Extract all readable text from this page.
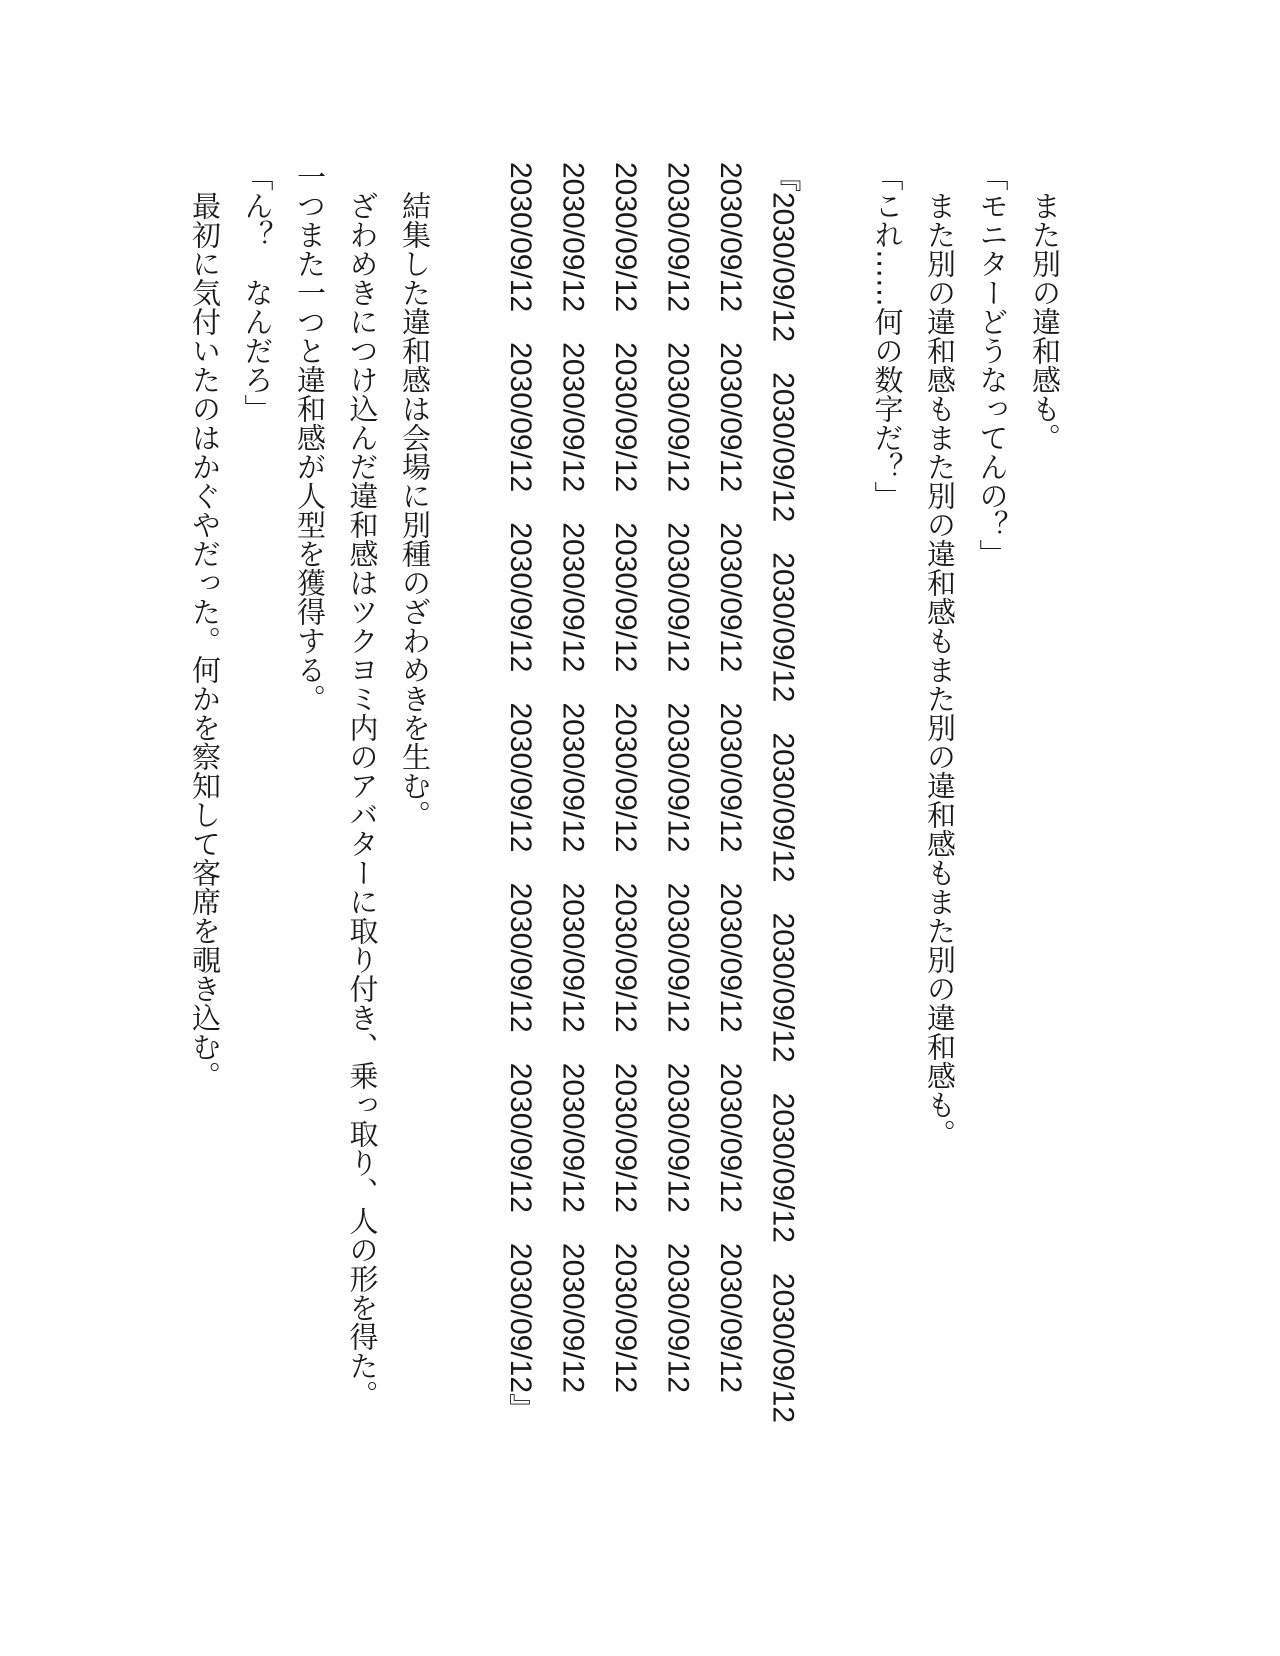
　また別の違和感も。
「モニターどうなってんの？」
　また別の違和感もまた別の違和感もまた別の違和感もまた別の違和感も。
「これ……何の数字だ？」
『2030/09/12　2030/09/12　2030/09/12　2030/09/12　2030/09/12　2030/09/12　2030/09/12
2030/09/12　2030/09/12　2030/09/12　2030/09/12　2030/09/12　2030/09/12　2030/09/12
2030/09/12　2030/09/12　2030/09/12　2030/09/12　2030/09/12　2030/09/12　2030/09/12
2030/09/12　2030/09/12　2030/09/12　2030/09/12　2030/09/12　2030/09/12　2030/09/12
2030/09/12　2030/09/12　2030/09/12　2030/09/12　2030/09/12　2030/09/12　2030/09/12
2030/09/12　2030/09/12　2030/09/12　2030/09/12　2030/09/12　2030/09/12　2030/09/12』
　結集した違和感は会場に別種のざわめきを生む。
　ざわめきにつけ込んだ違和感はツクヨミ内のアバターに取り付き、乗っ取り、人の形を得た。
一つまた一つと違和感が人型を獲得する。
「ん？　なんだろ」
　最初に気付いたのはかぐやだった。何かを察知して客席を覗き込む。
